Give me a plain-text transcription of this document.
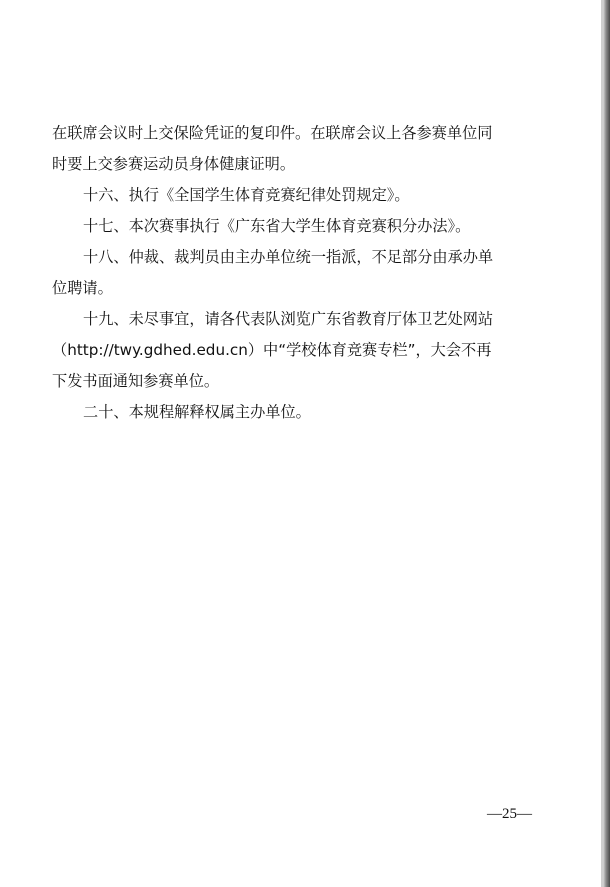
在联席会议时上交保险凭证的复印件。在联席会议上各参赛单位同
时要上交参赛运动员身体健康证明。
十六、执行《全国学生体育竞赛纪律处罚规定》。
十七、本次赛事执行《广东省大学生体育竞赛积分办法》。
十八、仲裁、裁判员由主办单位统一指派，不足部分由承办单
位聘请。
十九、未尽事宜，请各代表队浏览广东省教育厅体卫艺处网站
（http://twy.gdhed.edu.cn）中“学校体育竞赛专栏”，大会不再
下发书面通知参赛单位。
二十、本规程解释权属主办单位。
—25—
